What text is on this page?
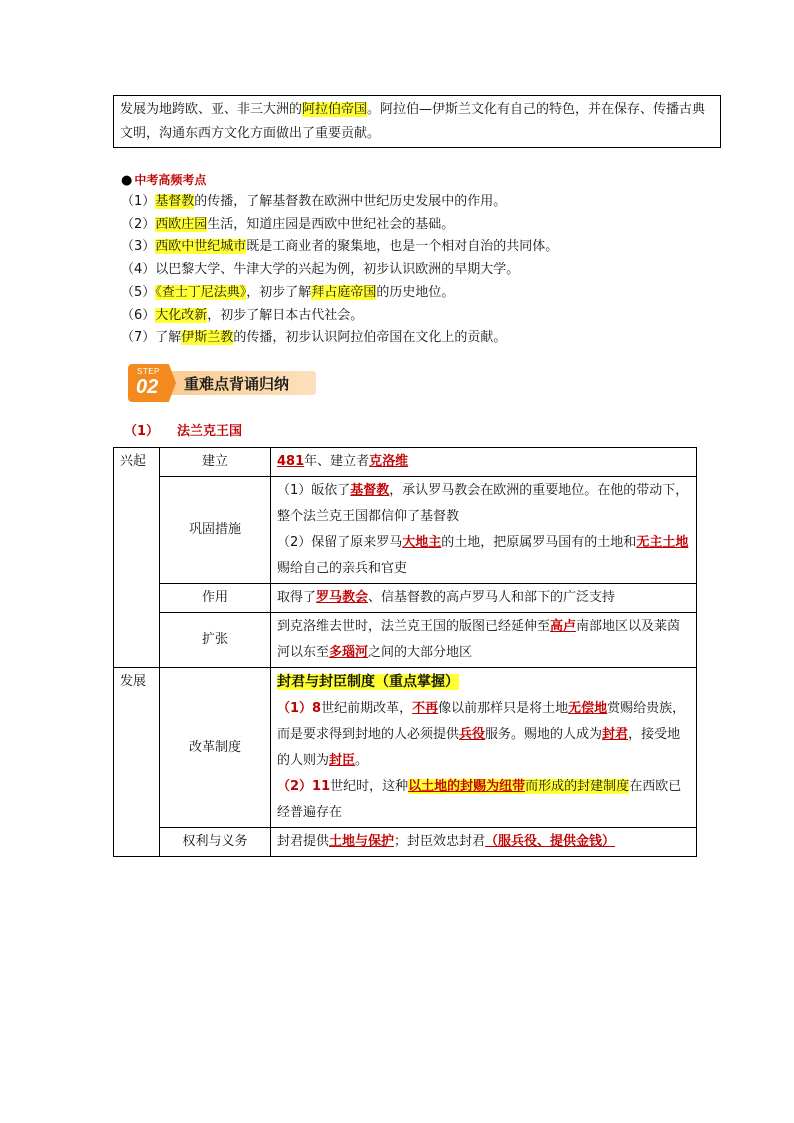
发展为地跨欧、亚、非三大洲的阿拉伯帝国。阿拉伯—伊斯兰文化有自己的特色，并在保存、传播古典文明，沟通东西方文化方面做出了重要贡献。
● 中考高频考点
（1）基督教的传播，了解基督教在欧洲中世纪历史发展中的作用。
（2）西欧庄园生活，知道庄园是西欧中世纪社会的基础。
（3）西欧中世纪城市既是工商业者的聚集地，也是一个相对自治的共同体。
（4）以巴黎大学、牛津大学的兴起为例，初步认识欧洲的早期大学。
（5）《查士丁尼法典》，初步了解拜占庭帝国的历史地位。
（6）大化改新，初步了解日本古代社会。
（7）了解伊斯兰教的传播，初步认识阿拉伯帝国在文化上的贡献。
STEP
02 重难点背诵归纳
（1） 法兰克王国
兴起	建立	481年、建立者克洛维
	巩固措施	（1）皈依了基督教，承认罗马教会在欧洲的重要地位。在他的带动下，整个法兰克王国都信仰了基督教
（2）保留了原来罗马大地主的土地，把原属罗马国有的土地和无主土地赐给自己的亲兵和官吏

	作用	取得了罗马教会、信基督教的高卢罗马人和部下的广泛支持
	扩张	到克洛维去世时，法兰克王国的版图已经延伸至高卢南部地区以及莱茵河以东至多瑙河之间的大部分地区
发展	改革制度	封君与封臣制度（重点掌握）
（1）8世纪前期改革，不再像以前那样只是将土地无偿地赏赐给贵族，而是要求得到封地的人必须提供兵役服务。赐地的人成为封君，接受地的人则为封臣。
（2）11世纪时，这种以土地的封赐为纽带而形成的封建制度在西欧已经普遍存在

	权利与义务	封君提供土地与保护；封臣效忠封君（服兵役、提供金钱）
